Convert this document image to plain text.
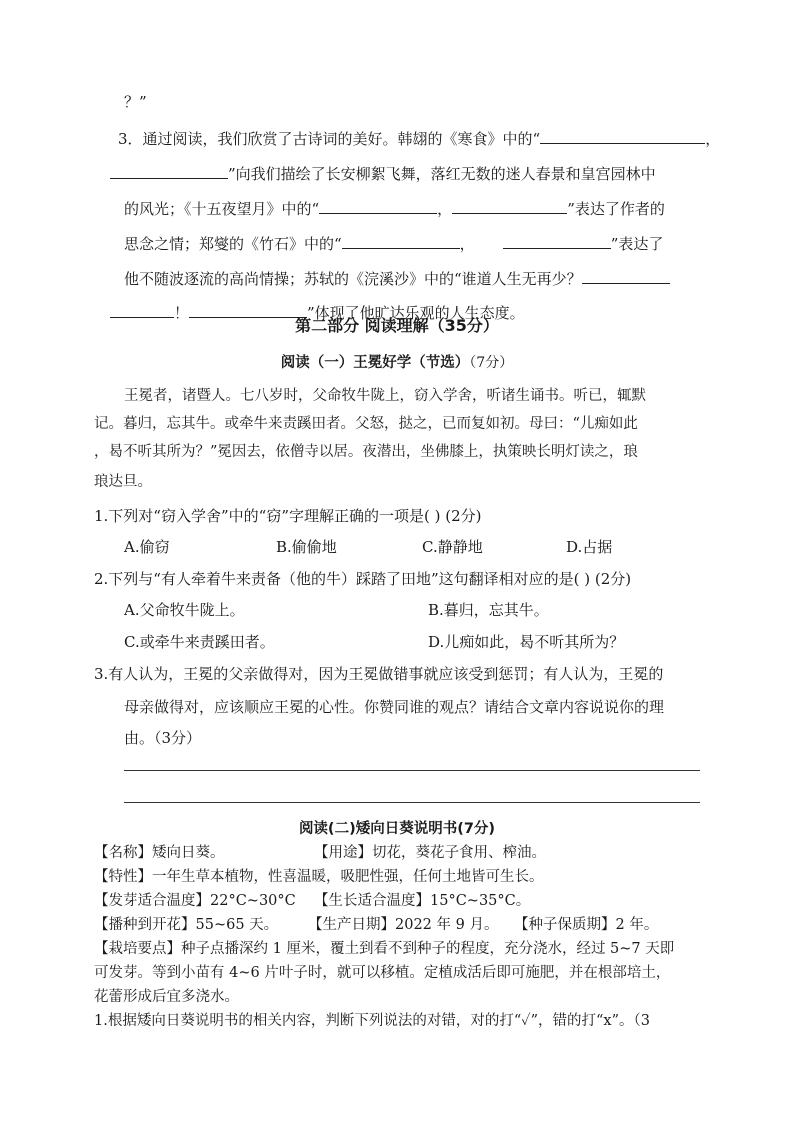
？”
3．通过阅读，我们欣赏了古诗词的美好。韩翃的《寒食》中的“	，
”向我们描绘了长安柳絮飞舞，落红无数的迷人春景和皇宫园林中
的风光；《十五夜望月》中的“	，	”表达了作者的
思念之情；郑燮的《竹石》中的“	，	”表达了
他不随波逐流的高尚情操；苏轼的《浣溪沙》中的“谁道人生无再少？
！	”体现了他旷达乐观的人生态度。
第二部分 阅读理解（35分）
阅读（一）王冕好学（节选）（7分）
王冕者，诸暨人。七八岁时，父命牧牛陇上，窃入学舍，听诸生诵书。听已，辄默
记。暮归，忘其牛。或牵牛来责蹊田者。父怒，挞之，已而复如初。母曰：“儿痴如此
，曷不听其所为？”冕因去，依僧寺以居。夜潜出，坐佛膝上，执策映长明灯读之，琅
琅达旦。
1.下列对“窃入学舍”中的“窃”字理解正确的一项是( ) (2分)
A.偷窃	B.偷偷地	C.静静地	D.占据
2.下列与“有人牵着牛来责备（他的牛）踩踏了田地”这句翻译相对应的是( ) (2分)
A.父命牧牛陇上。	B.暮归，忘其牛。
C.或牵牛来责蹊田者。	D.儿痴如此，曷不听其所为？
3.有人认为，王冕的父亲做得对，因为王冕做错事就应该受到惩罚；有人认为，王冕的
母亲做得对，应该顺应王冕的心性。你赞同谁的观点？请结合文章内容说说你的理
由。（3分）
阅读(二)矮向日葵说明书(7分)
【名称】矮向日葵。	【用途】切花，葵花子食用、榨油。
【特性】一年生草本植物，性喜温暖，吸肥性强，任何土地皆可生长。
【发芽适合温度】22°C~30°C 【生长适合温度】15°C~35°C。
【播种到开花】55~65 天。 【生产日期】2022 年 9 月。 【种子保质期】2 年。
【栽培要点】种子点播深约 1 厘米，覆土到看不到种子的程度，充分浇水，经过 5~7 天即
可发芽。等到小苗有 4~6 片叶子时，就可以移植。定植成活后即可施肥，并在根部培土，
花蕾形成后宜多浇水。
1.根据矮向日葵说明书的相关内容，判断下列说法的对错，对的打“✓”，错的打“x”。（3
